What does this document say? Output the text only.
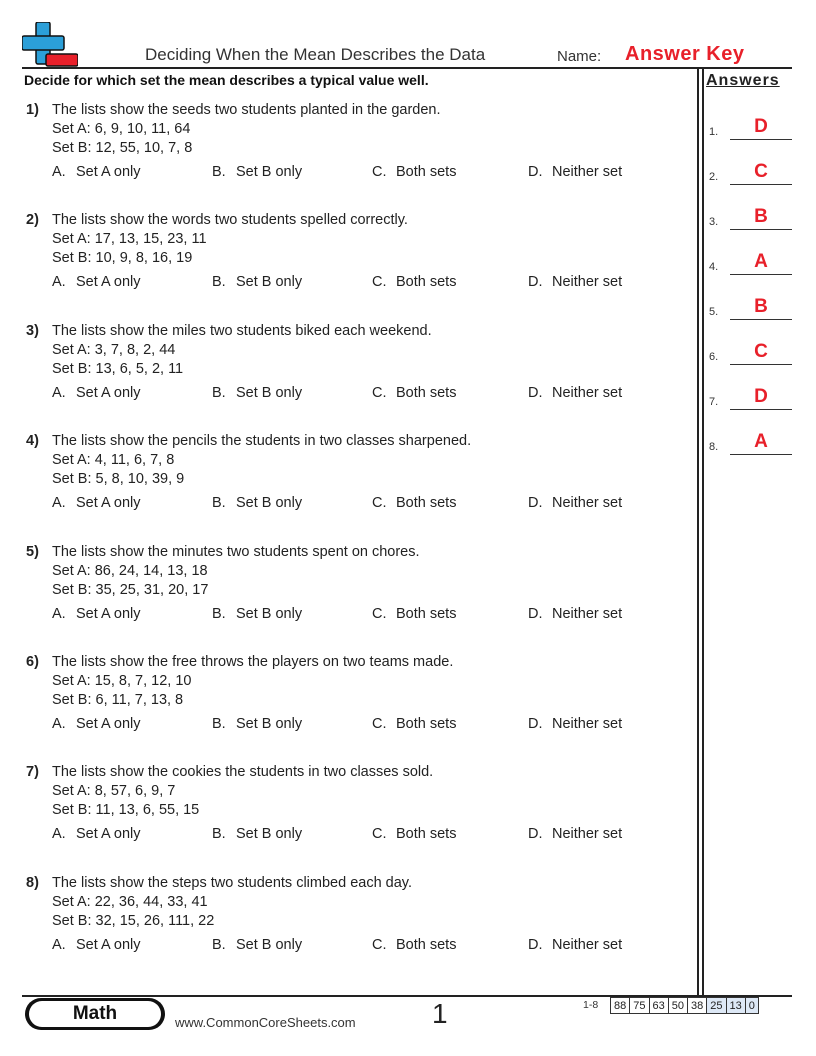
Deciding When the Mean Describes the Data	Name: Answer Key
Decide for which set the mean describes a typical value well.	Answers
1.	D
2.	C
3.	B
4.	A
5.	B
6.	C
7.	D
8.	A
1) The lists show the seeds two students planted in the garden.
Set A: 6, 9, 10, 11, 64
Set B: 12, 55, 10, 7, 8
A. Set A only	B. Set B only	C. Both sets	D. Neither set
2) The lists show the words two students spelled correctly.
Set A: 17, 13, 15, 23, 11
Set B: 10, 9, 8, 16, 19
A. Set A only	B. Set B only	C. Both sets	D. Neither set
3) The lists show the miles two students biked each weekend.
Set A: 3, 7, 8, 2, 44
Set B: 13, 6, 5, 2, 11
A. Set A only	B. Set B only	C. Both sets	D. Neither set
4) The lists show the pencils the students in two classes sharpened.
Set A: 4, 11, 6, 7, 8
Set B: 5, 8, 10, 39, 9
A. Set A only	B. Set B only	C. Both sets	D. Neither set
5) The lists show the minutes two students spent on chores.
Set A: 86, 24, 14, 13, 18
Set B: 35, 25, 31, 20, 17
A. Set A only	B. Set B only	C. Both sets	D. Neither set
6) The lists show the free throws the players on two teams made.
Set A: 15, 8, 7, 12, 10
Set B: 6, 11, 7, 13, 8
A. Set A only	B. Set B only	C. Both sets	D. Neither set
7) The lists show the cookies the students in two classes sold.
Set A: 8, 57, 6, 9, 7
Set B: 11, 13, 6, 55, 15
A. Set A only	B. Set B only	C. Both sets	D. Neither set
8) The lists show the steps two students climbed each day.
Set A: 22, 36, 44, 33, 41
Set B: 32, 15, 26, 111, 22
A. Set A only	B. Set B only	C. Both sets	D. Neither set
Math	www.CommonCoreSheets.com	1	1-8 88	75	63	50	38	25	13	0
